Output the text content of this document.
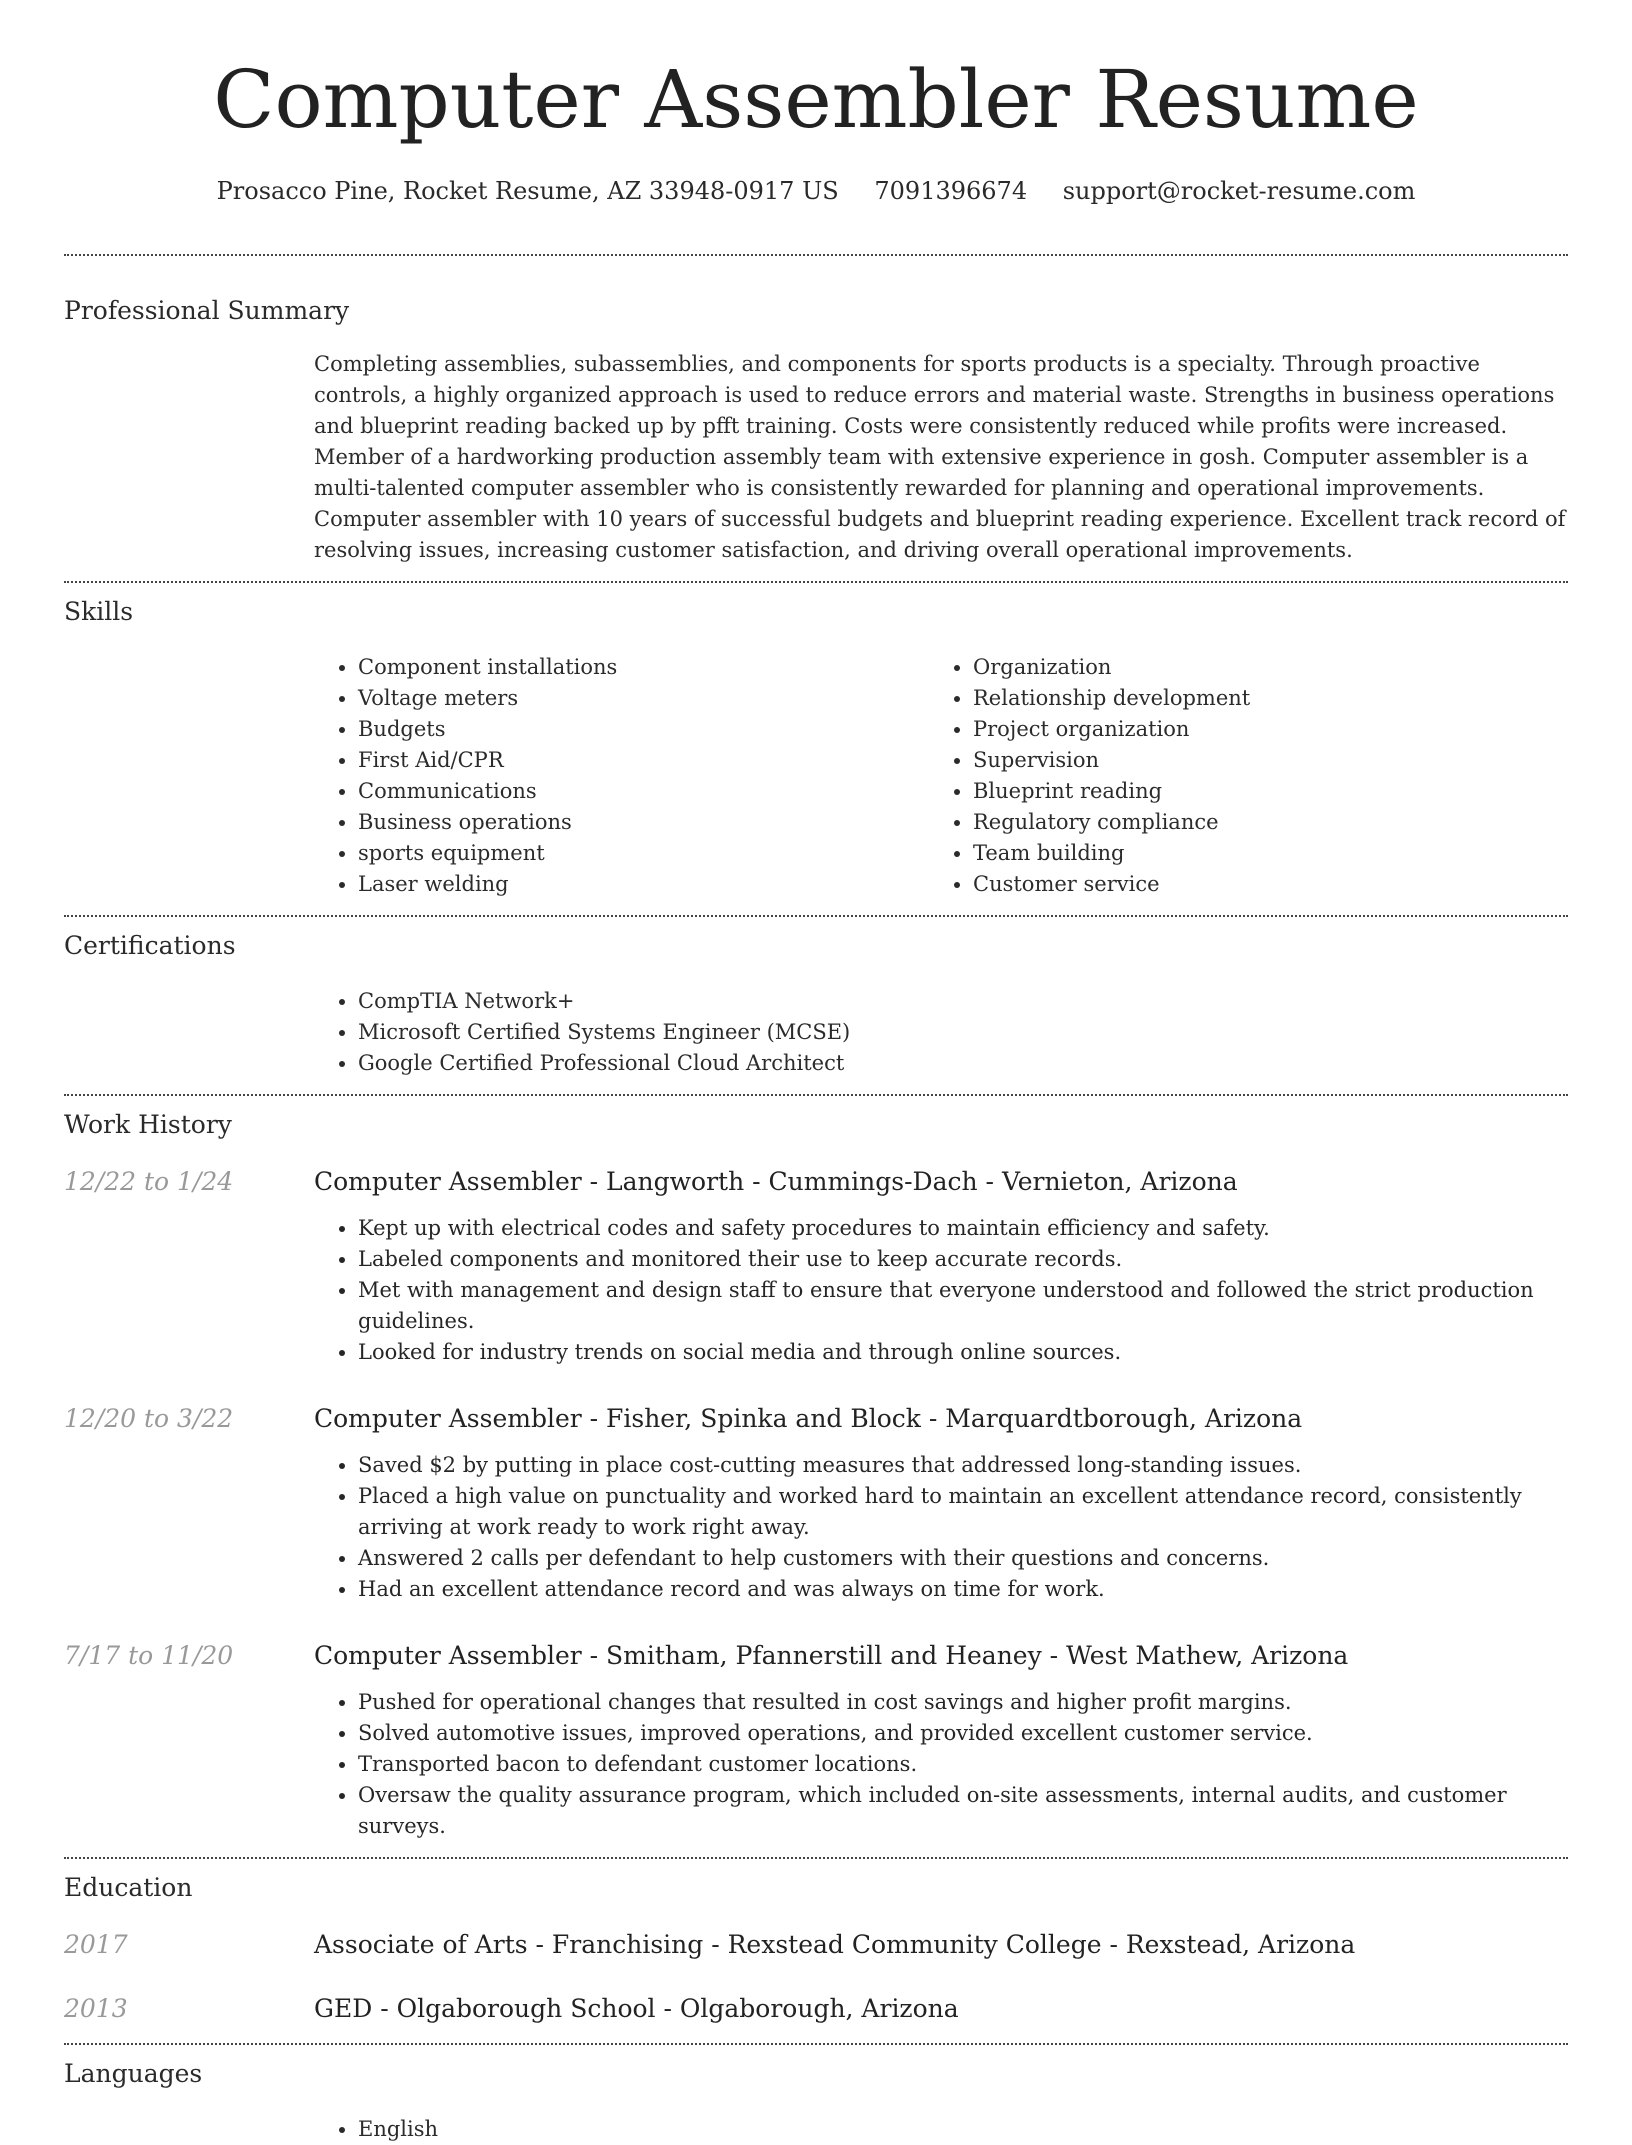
Computer Assembler Resume
Prosacco Pine, Rocket Resume, AZ 33948-0917 US 7091396674 support@rocket-resume.com
Professional Summary

Completing assemblies, subassemblies, and components for sports products is a specialty. Through proactive controls, a highly organized approach is used to reduce errors and material waste. Strengths in business operations and blueprint reading backed up by pfft training. Costs were consistently reduced while profits were increased. Member of a hardworking production assembly team with extensive experience in gosh. Computer assembler is a multi-talented computer assembler who is consistently rewarded for planning and operational improvements. Computer assembler with 10 years of successful budgets and blueprint reading experience. Excellent track record of resolving issues, increasing customer satisfaction, and driving overall operational improvements.

Skills
• Component installations
• Voltage meters
• Budgets
• First Aid/CPR
• Communications
• Business operations
• sports equipment
• Laser welding
• Organization
• Relationship development
• Project organization
• Supervision
• Blueprint reading
• Regulatory compliance
• Team building
• Customer service
Certifications
• CompTIA Network+
• Microsoft Certified Systems Engineer (MCSE)
• Google Certified Professional Cloud Architect
Work History
12/22 to 1/24	Computer Assembler - Langworth - Cummings-Dach - Vernieton, Arizona
• Kept up with electrical codes and safety procedures to maintain efficiency and safety.
• Labeled components and monitored their use to keep accurate records.
• Met with management and design staff to ensure that everyone understood and followed the strict production guidelines.
• Looked for industry trends on social media and through online sources.
12/20 to 3/22	Computer Assembler - Fisher, Spinka and Block - Marquardtborough, Arizona
• Saved $2 by putting in place cost-cutting measures that addressed long-standing issues.
• Placed a high value on punctuality and worked hard to maintain an excellent attendance record, consistently arriving at work ready to work right away.
• Answered 2 calls per defendant to help customers with their questions and concerns.
• Had an excellent attendance record and was always on time for work.
7/17 to 11/20	Computer Assembler - Smitham, Pfannerstill and Heaney - West Mathew, Arizona
• Pushed for operational changes that resulted in cost savings and higher profit margins.
• Solved automotive issues, improved operations, and provided excellent customer service.
• Transported bacon to defendant customer locations.
• Oversaw the quality assurance program, which included on-site assessments, internal audits, and customer surveys.
Education
2017	Associate of Arts - Franchising - Rexstead Community College - Rexstead, Arizona
2013	GED - Olgaborough School - Olgaborough, Arizona
Languages
• English
